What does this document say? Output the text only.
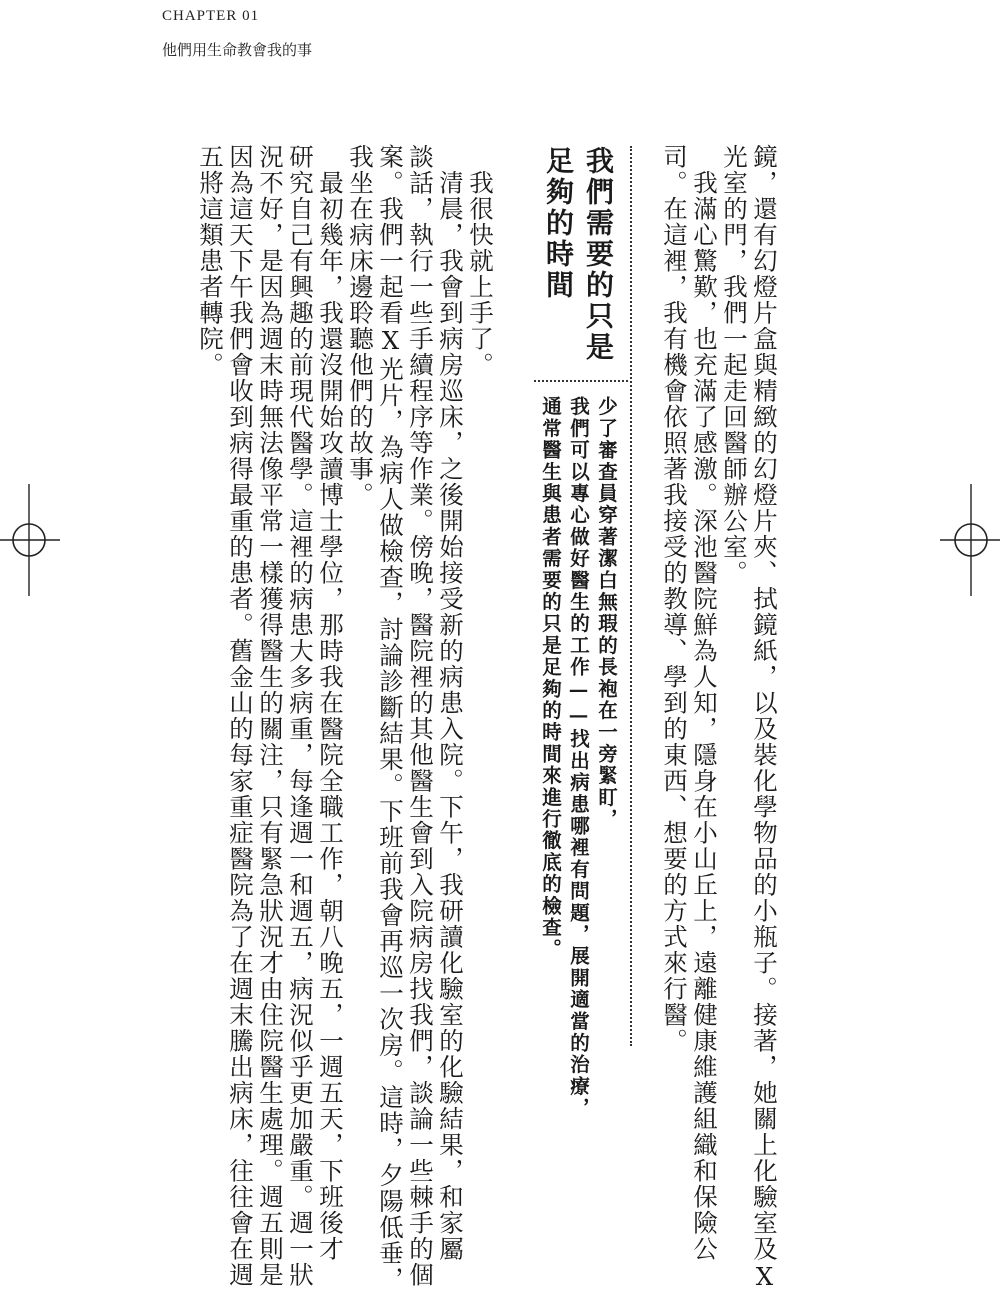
CHAPTER 01
他們用生命教會我的事
鏡，還有幻燈片盒與精緻的幻燈片夾、拭鏡紙，以及裝化學物品的小瓶子。接著，她關上化驗室及X
光室的門，我們一起走回醫師辦公室。
　我滿心驚歎，也充滿了感激。深池醫院鮮為人知，隱身在小山丘上，遠離健康維護組織和保險公
司。在這裡，我有機會依照著我接受的教導、學到的東西、想要的方式來行醫。
我們需要的只是
足夠的時間
少了審查員穿著潔白無瑕的長袍在一旁緊盯，
我們可以專心做好醫生的工作——找出病患哪裡有問題，展開適當的治療，
通常醫生與患者需要的只是足夠的時間來進行徹底的檢查。
　我很快就上手了。
　清晨，我會到病房巡床，之後開始接受新的病患入院。下午，我研讀化驗室的化驗結果，和家屬
談話，執行一些手續程序等作業。傍晚，醫院裡的其他醫生會到入院病房找我們，談論一些棘手的個
案。我們一起看X光片，為病人做檢查，討論診斷結果。下班前我會再巡一次房。這時，夕陽低垂，
我坐在病床邊聆聽他們的故事。
　最初幾年，我還沒開始攻讀博士學位，那時我在醫院全職工作，朝八晚五，一週五天，下班後才
研究自己有興趣的前現代醫學。這裡的病患大多病重，每逢週一和週五，病況似乎更加嚴重。週一狀
況不好，是因為週末時無法像平常一樣獲得醫生的關注，只有緊急狀況才由住院醫生處理。週五則是
因為這天下午我們會收到病得最重的患者。舊金山的每家重症醫院為了在週末騰出病床，往往會在週
五將這類患者轉院。
